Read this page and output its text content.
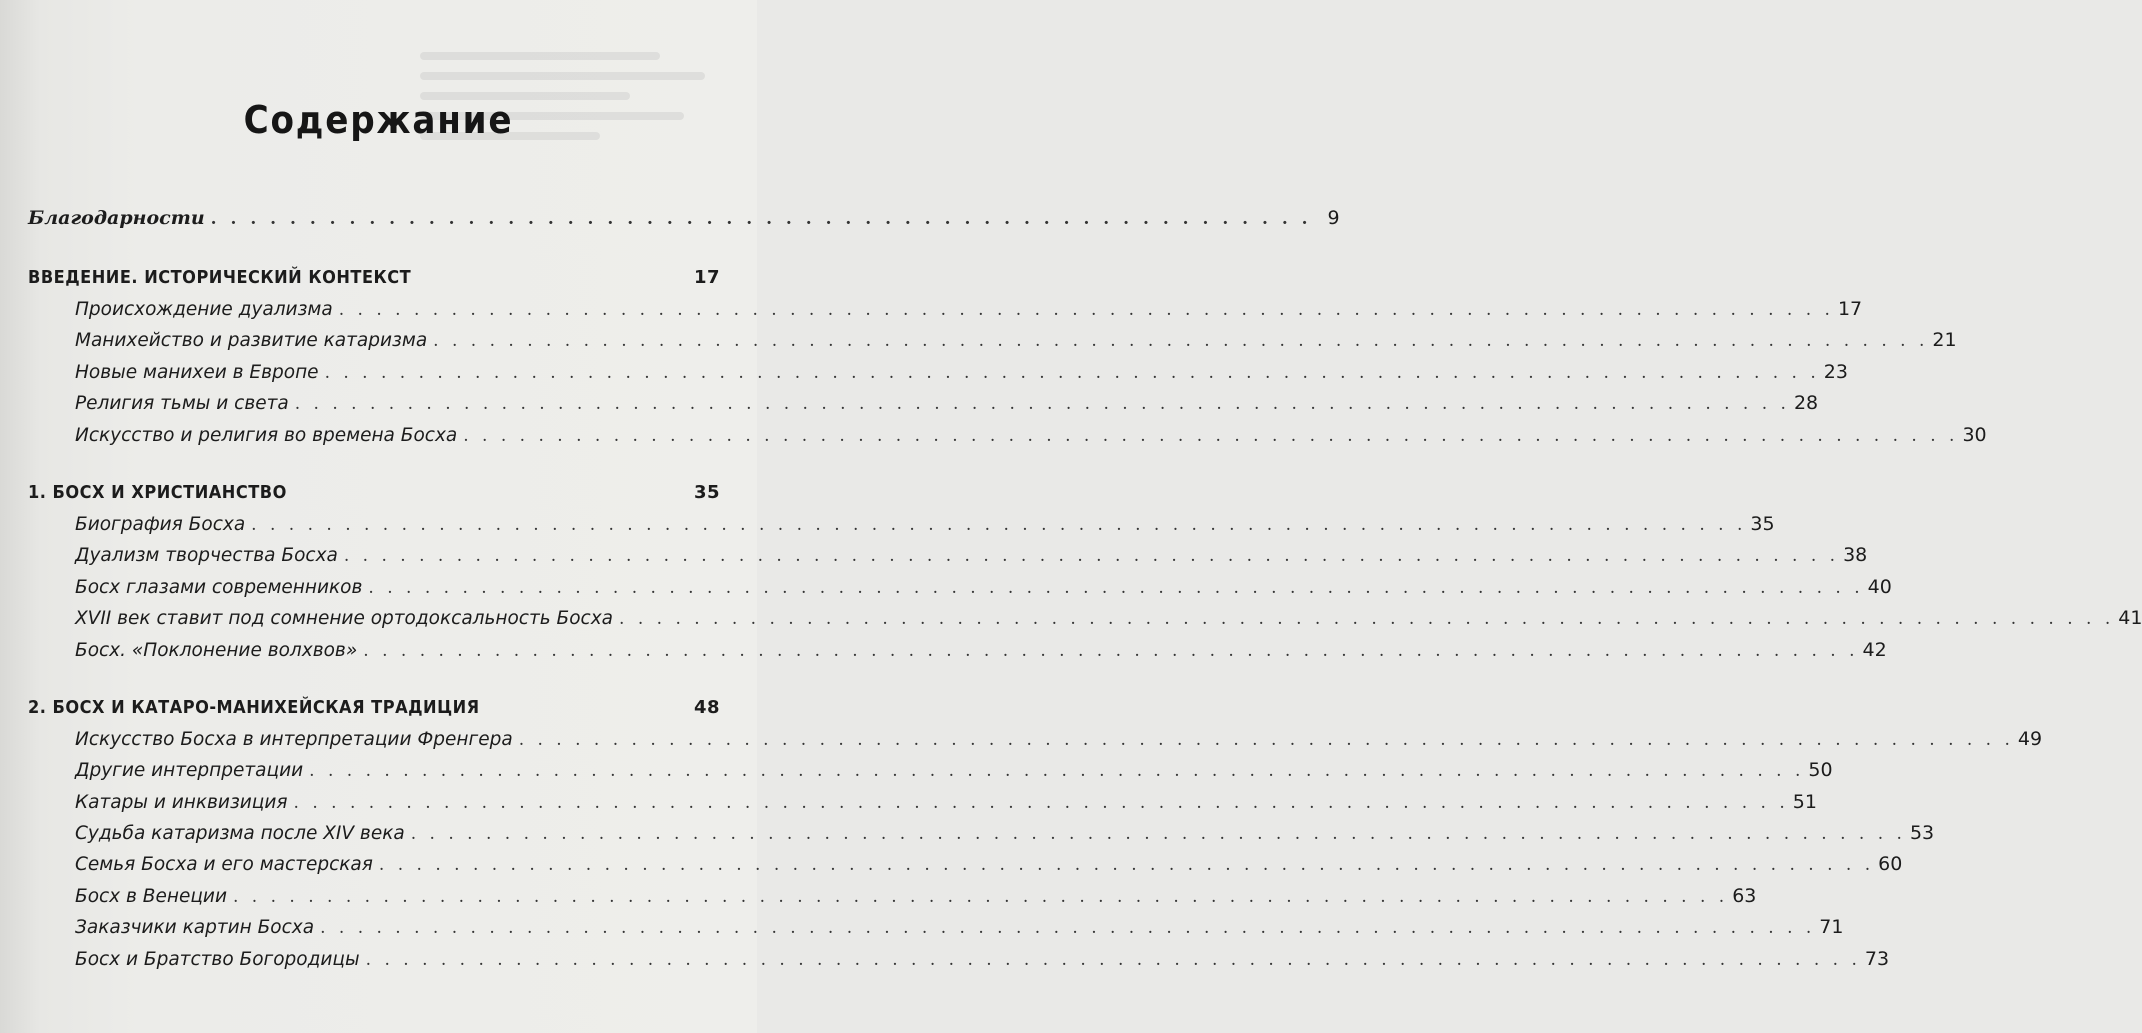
Содержание
Благодарности . . . . . . . . . . . . . . . . . . . . . . . . . . . . . . . . . . . . . . . . . . . . . . . . . . . . . . . . 9
ВВЕДЕНИЕ. ИСТОРИЧЕСКИЙ КОНТЕКСТ	17
Происхождение дуализма . . . . . . . . . . . . . . . . . . . . . . . . . . . . . . . . . . . . . . . . . . . . . . . . . . . . . . . . . . . . . . . . . . . . . . . . . . . . . . . . 17
Манихейство и развитие катаризма . . . . . . . . . . . . . . . . . . . . . . . . . . . . . . . . . . . . . . . . . . . . . . . . . . . . . . . . . . . . . . . . . . . . . . . . . . . . . . . . 21
Новые манихеи в Европе . . . . . . . . . . . . . . . . . . . . . . . . . . . . . . . . . . . . . . . . . . . . . . . . . . . . . . . . . . . . . . . . . . . . . . . . . . . . . . . . 23
Религия тьмы и света . . . . . . . . . . . . . . . . . . . . . . . . . . . . . . . . . . . . . . . . . . . . . . . . . . . . . . . . . . . . . . . . . . . . . . . . . . . . . . . . 28
Искусство и религия во времена Босха . . . . . . . . . . . . . . . . . . . . . . . . . . . . . . . . . . . . . . . . . . . . . . . . . . . . . . . . . . . . . . . . . . . . . . . . . . . . . . . . 30
1. БОСХ И ХРИСТИАНСТВО	35
Биография Босха . . . . . . . . . . . . . . . . . . . . . . . . . . . . . . . . . . . . . . . . . . . . . . . . . . . . . . . . . . . . . . . . . . . . . . . . . . . . . . . . 35
Дуализм творчества Босха . . . . . . . . . . . . . . . . . . . . . . . . . . . . . . . . . . . . . . . . . . . . . . . . . . . . . . . . . . . . . . . . . . . . . . . . . . . . . . . . 38
Босх глазами современников . . . . . . . . . . . . . . . . . . . . . . . . . . . . . . . . . . . . . . . . . . . . . . . . . . . . . . . . . . . . . . . . . . . . . . . . . . . . . . . . 40
XVII век ставит под сомнение ортодоксальность Босха . . . . . . . . . . . . . . . . . . . . . . . . . . . . . . . . . . . . . . . . . . . . . . . . . . . . . . . . . . . . . . . . . . . . . . . . . . . . . . . . 41
Босх. «Поклонение волхвов» . . . . . . . . . . . . . . . . . . . . . . . . . . . . . . . . . . . . . . . . . . . . . . . . . . . . . . . . . . . . . . . . . . . . . . . . . . . . . . . . 42
2. БОСХ И КАТАРО-МАНИХЕЙСКАЯ ТРАДИЦИЯ	48
Искусство Босха в интерпретации Френгера . . . . . . . . . . . . . . . . . . . . . . . . . . . . . . . . . . . . . . . . . . . . . . . . . . . . . . . . . . . . . . . . . . . . . . . . . . . . . . . . 49
Другие интерпретации . . . . . . . . . . . . . . . . . . . . . . . . . . . . . . . . . . . . . . . . . . . . . . . . . . . . . . . . . . . . . . . . . . . . . . . . . . . . . . . . 50
Катары и инквизиция . . . . . . . . . . . . . . . . . . . . . . . . . . . . . . . . . . . . . . . . . . . . . . . . . . . . . . . . . . . . . . . . . . . . . . . . . . . . . . . . 51
Судьба катаризма после XIV века . . . . . . . . . . . . . . . . . . . . . . . . . . . . . . . . . . . . . . . . . . . . . . . . . . . . . . . . . . . . . . . . . . . . . . . . . . . . . . . . 53
Семья Босха и его мастерская . . . . . . . . . . . . . . . . . . . . . . . . . . . . . . . . . . . . . . . . . . . . . . . . . . . . . . . . . . . . . . . . . . . . . . . . . . . . . . . . 60
Босх в Венеции . . . . . . . . . . . . . . . . . . . . . . . . . . . . . . . . . . . . . . . . . . . . . . . . . . . . . . . . . . . . . . . . . . . . . . . . . . . . . . . . 63
Заказчики картин Босха . . . . . . . . . . . . . . . . . . . . . . . . . . . . . . . . . . . . . . . . . . . . . . . . . . . . . . . . . . . . . . . . . . . . . . . . . . . . . . . . 71
Босх и Братство Богородицы . . . . . . . . . . . . . . . . . . . . . . . . . . . . . . . . . . . . . . . . . . . . . . . . . . . . . . . . . . . . . . . . . . . . . . . . . . . . . . . . 73
